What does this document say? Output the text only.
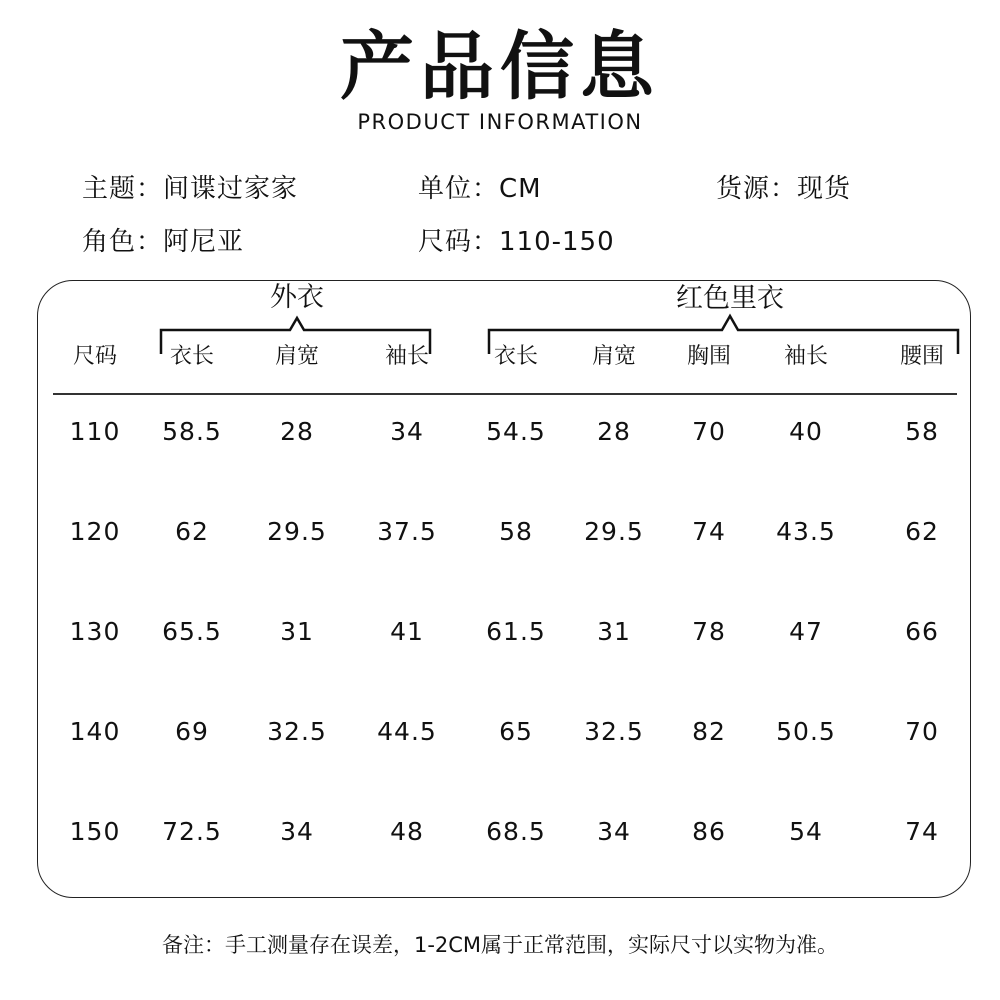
产品信息
PRODUCT INFORMATION
主题：间谍过家家	单位：CM	货源：现货
角色：阿尼亚	尺码：110-150
外衣	红色里衣
尺码	衣长	肩宽	袖长	衣长	肩宽	胸围	袖长	腰围
110	58.5	28	34	54.5	28	70	40	58
120	62	29.5	37.5	58	29.5	74	43.5	62
130	65.5	31	41	61.5	31	78	47	66
140	69	32.5	44.5	65	32.5	82	50.5	70
150	72.5	34	48	68.5	34	86	54	74
备注：手工测量存在误差，1-2CM属于正常范围，实际尺寸以实物为准。
